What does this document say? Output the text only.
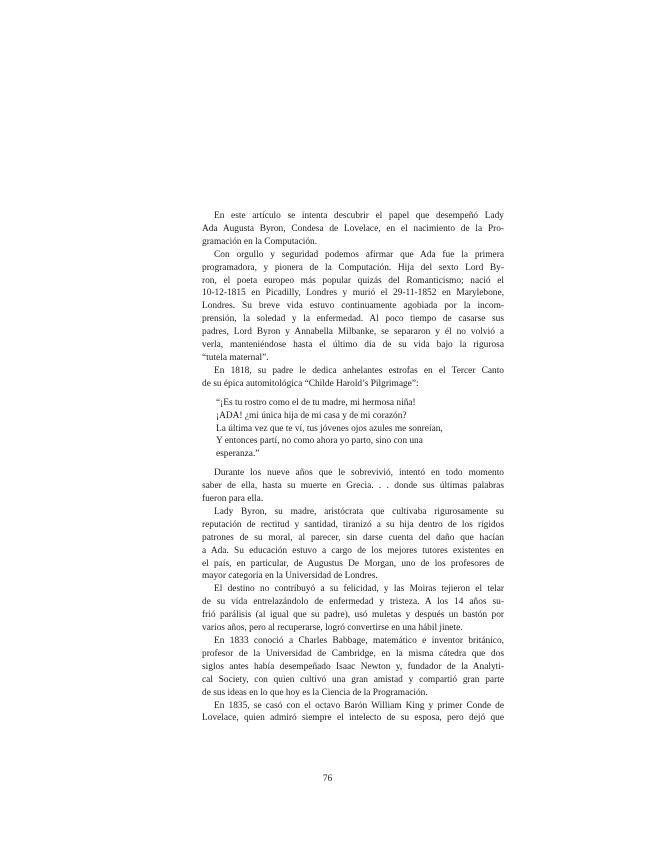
En este artículo se intenta descubrir el papel que desempeñó Lady
Ada Augusta Byron, Condesa de Lovelace, en el nacimiento de la Pro-
gramación en la Computación.

Con orgullo y seguridad podemos afirmar que Ada fue la primera
programadora, y pionera de la Computación. Hija del sexto Lord By-
ron, el poeta europeo más popular quizás del Romanticismo; nació el
10-12-1815 en Picadilly, Londres y murió el 29-11-1852 en Marylebone,
Londres. Su breve vida estuvo continuamente agobiada por la incom-
prensión, la soledad y la enfermedad. Al poco tiempo de casarse sus
padres, Lord Byron y Annabella Milbanke, se separaron y él no volvió a
verla, manteniéndose hasta el último día de su vida bajo la rigurosa
“tutela maternal”.

En 1818, su padre le dedica anhelantes estrofas en el Tercer Canto
de su épica automitológica “Childe Harold’s Pilgrimage”:

“¡Es tu rostro como el de tu madre, mi hermosa niña!
¡ADA! ¿mi única hija de mi casa y de mi corazón?
La última vez que te ví, tus jóvenes ojos azules me sonreían,
Y entonces partí, no como ahora yo parto, sino con una
esperanza.”

Durante los nueve años que le sobrevivió, intentó en todo momento
saber de ella, hasta su muerte en Grecia. . . donde sus últimas palabras
fueron para ella.

Lady Byron, su madre, aristócrata que cultivaba rigurosamente su
reputación de rectitud y santidad, tiranizó a su hija dentro de los rígidos
patrones de su moral, al parecer, sin darse cuenta del daño que hacían
a Ada. Su educación estuvo a cargo de los mejores tutores existentes en
el país, en particular, de Augustus De Morgan, uno de los profesores de
mayor categoría en la Universidad de Londres.

El destino no contribuyó a su felicidad, y las Moiras tejieron el telar
de su vida entrelazándolo de enfermedad y tristeza. A los 14 años su-
frió parálisis (al igual que su padre), usó muletas y después un bastón por
varios años, pero al recuperarse, logró convertirse en una hábil jinete.

En 1833 conoció a Charles Babbage, matemático e inventor británico,
profesor de la Universidad de Cambridge, en la misma cátedra que dos
siglos antes había desempeñado Isaac Newton y, fundador de la Analyti-
cal Society, con quien cultivó una gran amistad y compartió gran parte
de sus ideas en lo que hoy es la Ciencia de la Programación.

En 1835, se casó con el octavo Barón William King y primer Conde de
Lovelace, quien admiró siempre el intelecto de su esposa, pero dejó que

76
